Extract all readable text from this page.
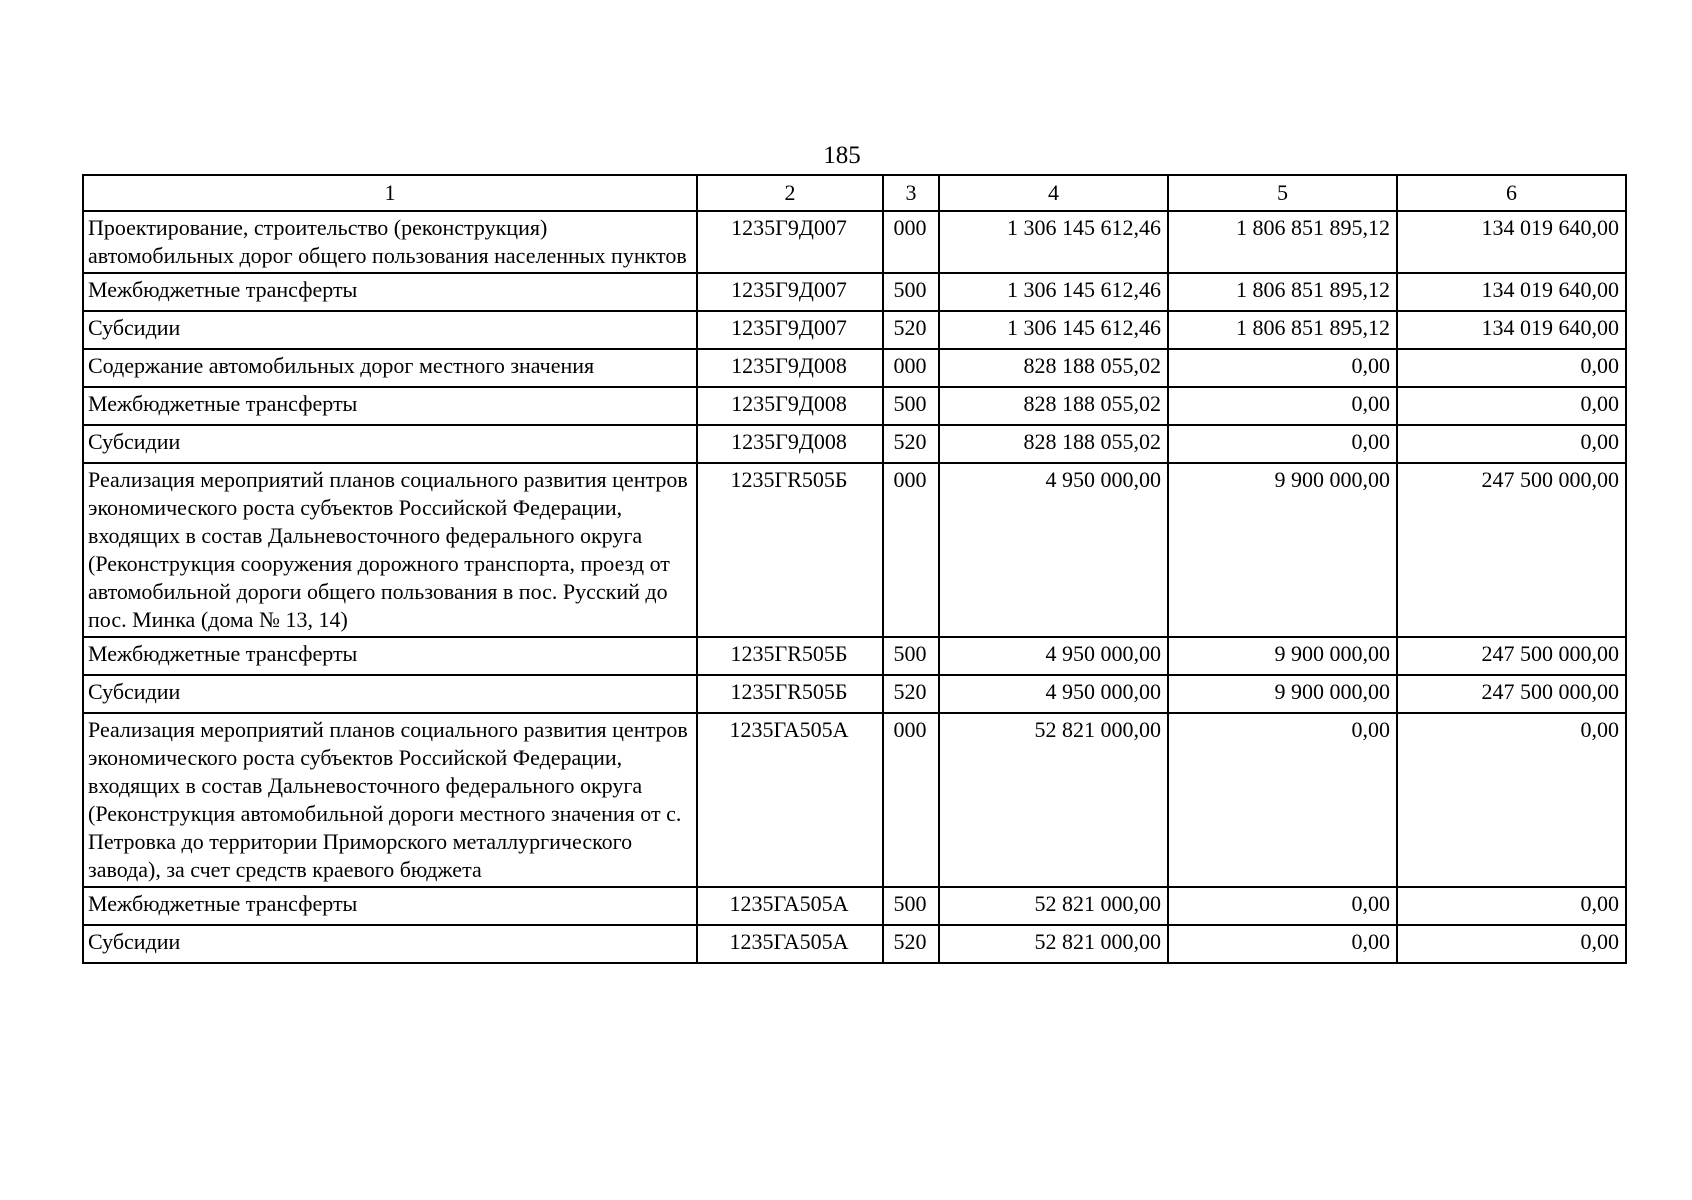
185
1	2	3	4	5	6
Проектирование, строительство (реконструкция) автомобильных дорог общего пользования населенных пунктов	1235Г9Д007	000	1 306 145 612,46	1 806 851 895,12	134 019 640,00
Межбюджетные трансферты	1235Г9Д007	500	1 306 145 612,46	1 806 851 895,12	134 019 640,00
Субсидии	1235Г9Д007	520	1 306 145 612,46	1 806 851 895,12	134 019 640,00
Содержание автомобильных дорог местного значения	1235Г9Д008	000	828 188 055,02	0,00	0,00
Межбюджетные трансферты	1235Г9Д008	500	828 188 055,02	0,00	0,00
Субсидии	1235Г9Д008	520	828 188 055,02	0,00	0,00
Реализация мероприятий планов социального развития центров экономического роста субъектов Российской Федерации, входящих в состав Дальневосточного федерального округа (Реконструкция сооружения дорожного транспорта, проезд от автомобильной дороги общего пользования в пос. Русский до пос. Минка (дома № 13, 14)	1235ГR505Б	000	4 950 000,00	9 900 000,00	247 500 000,00
Межбюджетные трансферты	1235ГR505Б	500	4 950 000,00	9 900 000,00	247 500 000,00
Субсидии	1235ГR505Б	520	4 950 000,00	9 900 000,00	247 500 000,00
Реализация мероприятий планов социального развития центров экономического роста субъектов Российской Федерации, входящих в состав Дальневосточного федерального округа (Реконструкция автомобильной дороги местного значения от с. Петровка до территории Приморского металлургического завода), за счет средств краевого бюджета	1235ГА505А	000	52 821 000,00	0,00	0,00
Межбюджетные трансферты	1235ГА505А	500	52 821 000,00	0,00	0,00
Субсидии	1235ГА505А	520	52 821 000,00	0,00	0,00
